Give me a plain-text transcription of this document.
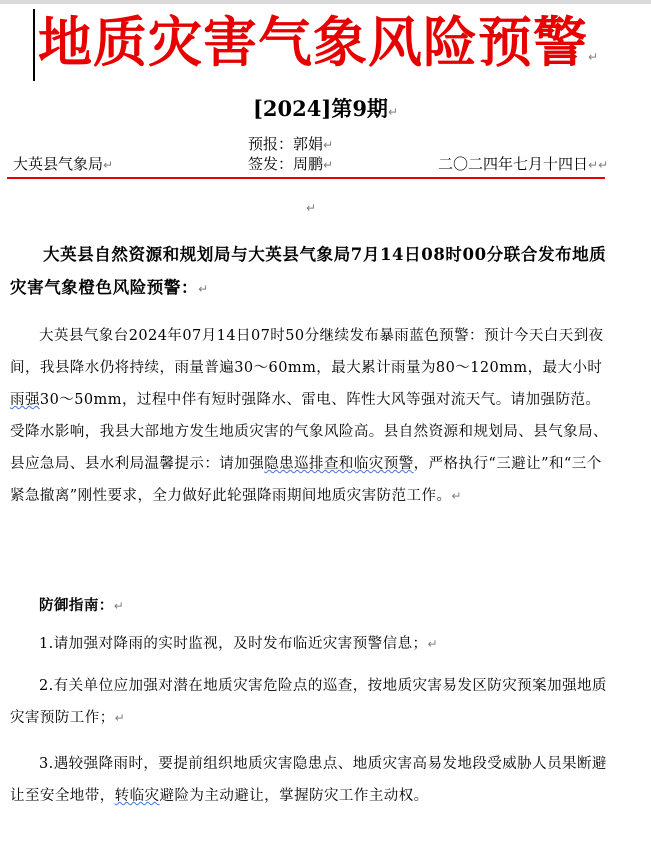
地质灾害气象风险预警↵
[2024]第9期↵
预报：郭娟↵
大英县气象局↵	签发：周鹏↵	二〇二四年七月十四日↵↵
↵
大英县自然资源和规划局与大英县气象局7月14日08时00分联合发布地质灾害气象橙色风险预警：↵
大英县气象台2024年07月14日07时50分继续发布暴雨蓝色预警：预计今天白天到夜间，我县降水仍将持续，雨量普遍30～60mm，最大累计雨量为80～120mm，最大小时雨强30～50mm，过程中伴有短时强降水、雷电、阵性大风等强对流天气。请加强防范。受降水影响，我县大部地方发生地质灾害的气象风险高。县自然资源和规划局、县气象局、县应急局、县水利局温馨提示：请加强隐患巡排查和临灾预警，严格执行“三避让”和“三个紧急撤离”刚性要求，全力做好此轮强降雨期间地质灾害防范工作。↵
防御指南：↵
1.请加强对降雨的实时监视，及时发布临近灾害预警信息；↵
2.有关单位应加强对潜在地质灾害危险点的巡查，按地质灾害易发区防灾预案加强地质灾害预防工作；↵
3.遇较强降雨时，要提前组织地质灾害隐患点、地质灾害高易发地段受威胁人员果断避让至安全地带，转临灾避险为主动避让，掌握防灾工作主动权。
